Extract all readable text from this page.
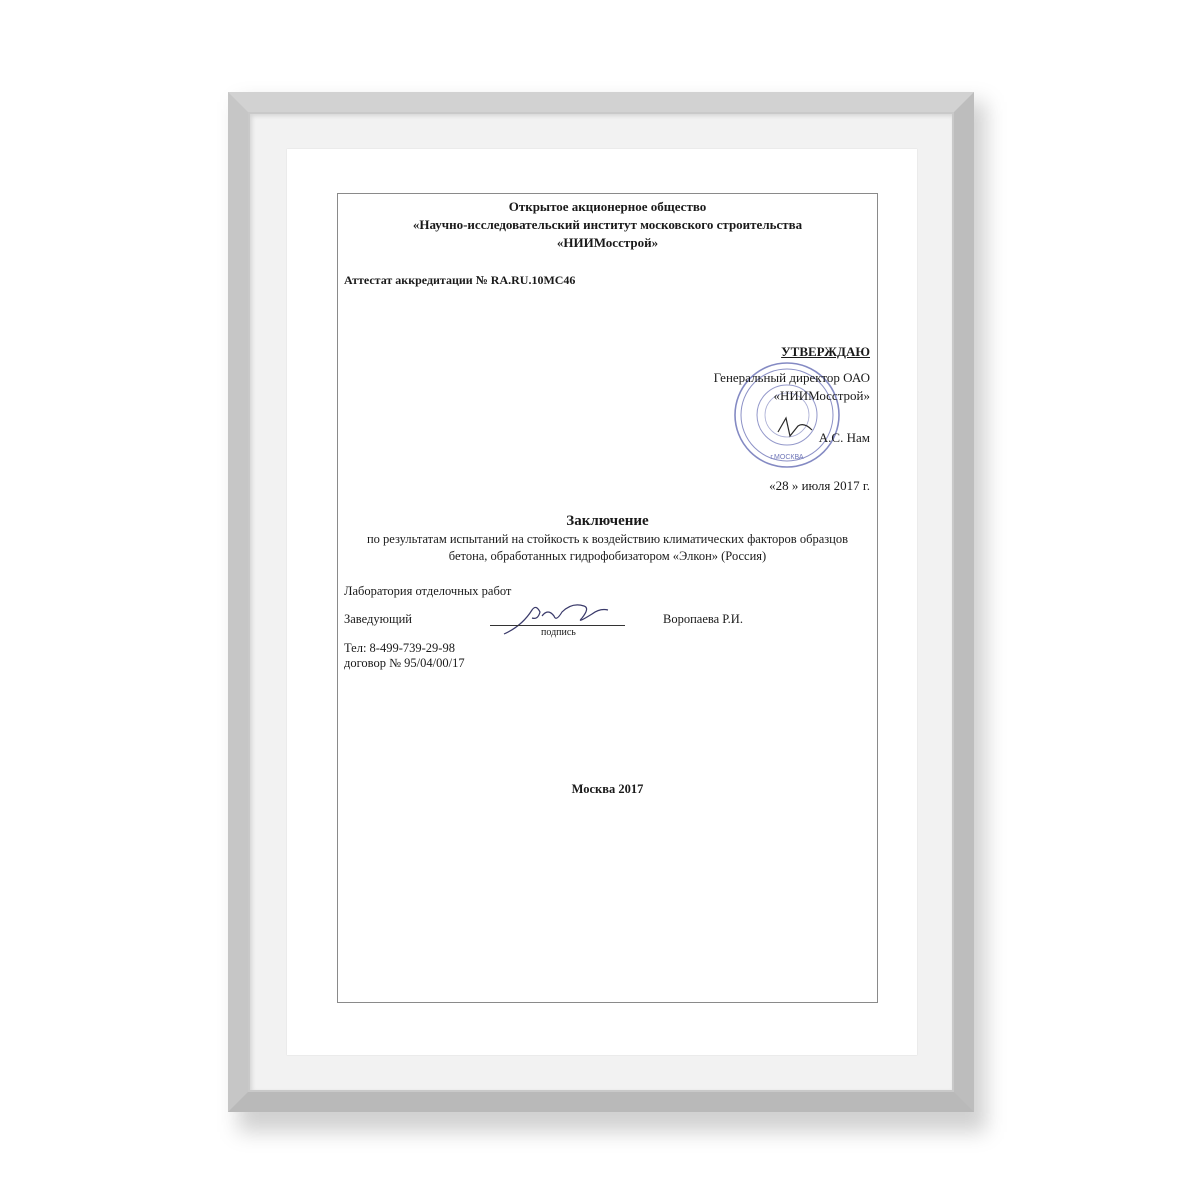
Открытое акционерное общество
«Научно-исследовательский институт московского строительства
«НИИМосстрой»
Аттестат аккредитации № RA.RU.10МС46
г.МОСКВА
УТВЕРЖДАЮ
Генеральный директор ОАО
«НИИМосстрой»
А.С. Нам
«28 » июля 2017 г.
Заключение
по результатам испытаний на стойкость к воздействию климатических факторов образцов
бетона, обработанных гидрофобизатором «Элкон» (Россия)
Лаборатория отделочных работ
Заведующий
подпись
Воропаева Р.И.
Тел: 8-499-739-29-98
договор № 95/04/00/17
Москва 2017
